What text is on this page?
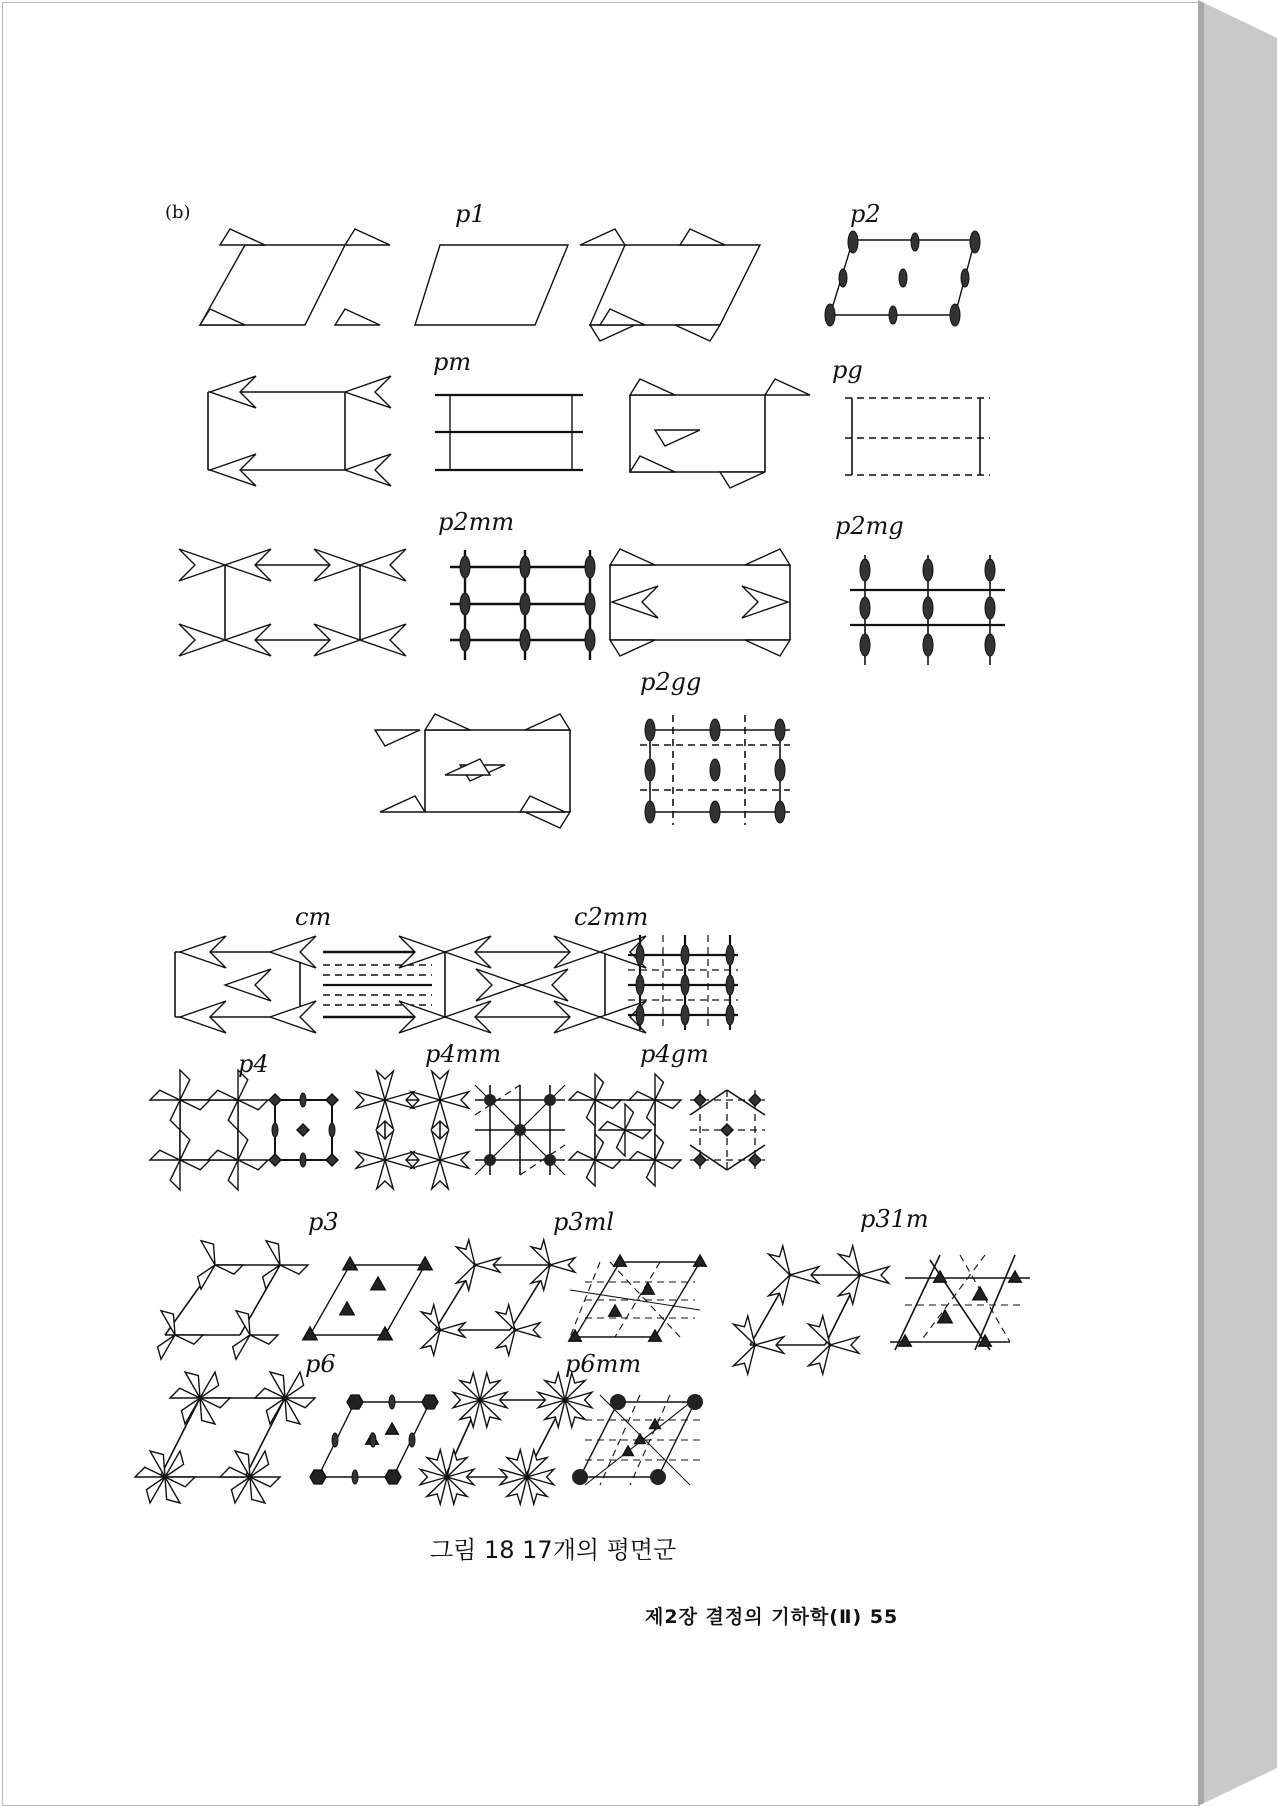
(b)	p1	p2
pm	pg
p2mm	p2mg
p2gg
cm	c2mm
p4	p4mm	p4gm
p3	p3ml	p31m
p6	p6mm
그림 18 17개의 평면군
제2장 결정의 기하학(Ⅱ) 55
